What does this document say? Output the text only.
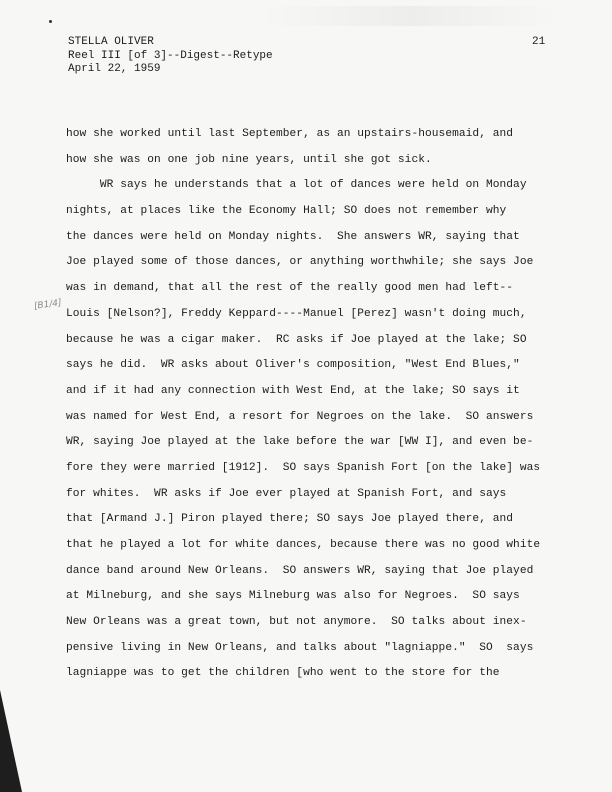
STELLA OLIVER
Reel III [of 3]--Digest--Retype
April 22, 1959
21
[B1/4]
how she worked until last September, as an upstairs-housemaid, and
how she was on one job nine years, until she got sick.
WR says he understands that a lot of dances were held on Monday
nights, at places like the Economy Hall; SO does not remember why
the dances were held on Monday nights.  She answers WR, saying that
Joe played some of those dances, or anything worthwhile; she says Joe
was in demand, that all the rest of the really good men had left--
Louis [Nelson?], Freddy Keppard----Manuel [Perez] wasn't doing much,
because he was a cigar maker.  RC asks if Joe played at the lake; SO
says he did.  WR asks about Oliver's composition, "West End Blues,"
and if it had any connection with West End, at the lake; SO says it
was named for West End, a resort for Negroes on the lake.  SO answers
WR, saying Joe played at the lake before the war [WW I], and even be-
fore they were married [1912].  SO says Spanish Fort [on the lake] was
for whites.  WR asks if Joe ever played at Spanish Fort, and says
that [Armand J.] Piron played there; SO says Joe played there, and
that he played a lot for white dances, because there was no good white
dance band around New Orleans.  SO answers WR, saying that Joe played
at Milneburg, and she says Milneburg was also for Negroes.  SO says
New Orleans was a great town, but not anymore.  SO talks about inex-
pensive living in New Orleans, and talks about "lagniappe."  SO  says
lagniappe was to get the children [who went to the store for the
